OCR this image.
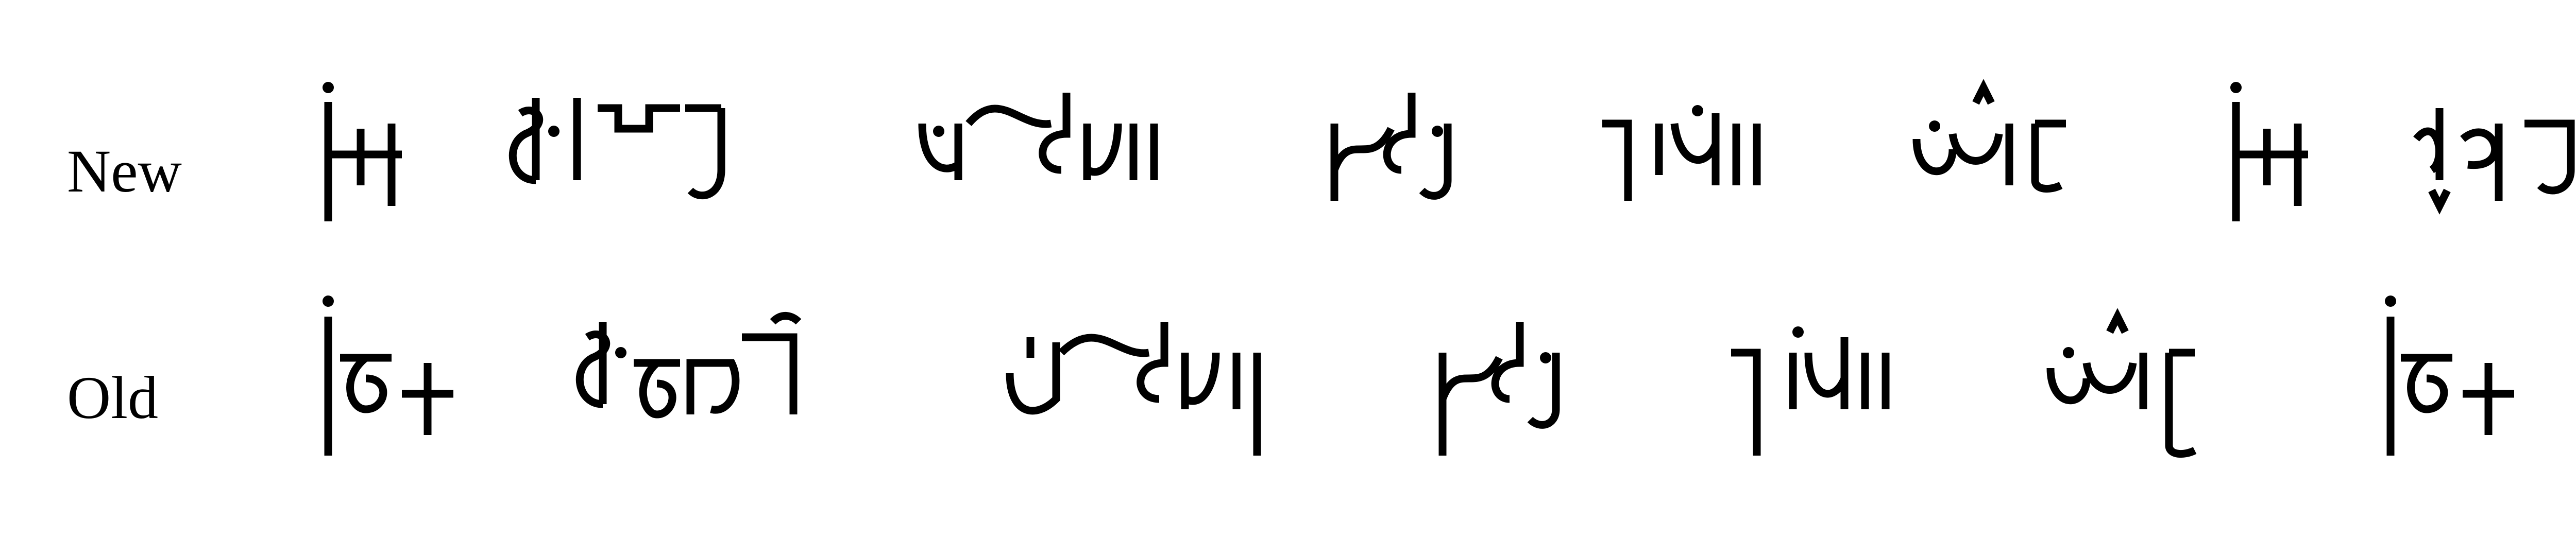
New
Old
